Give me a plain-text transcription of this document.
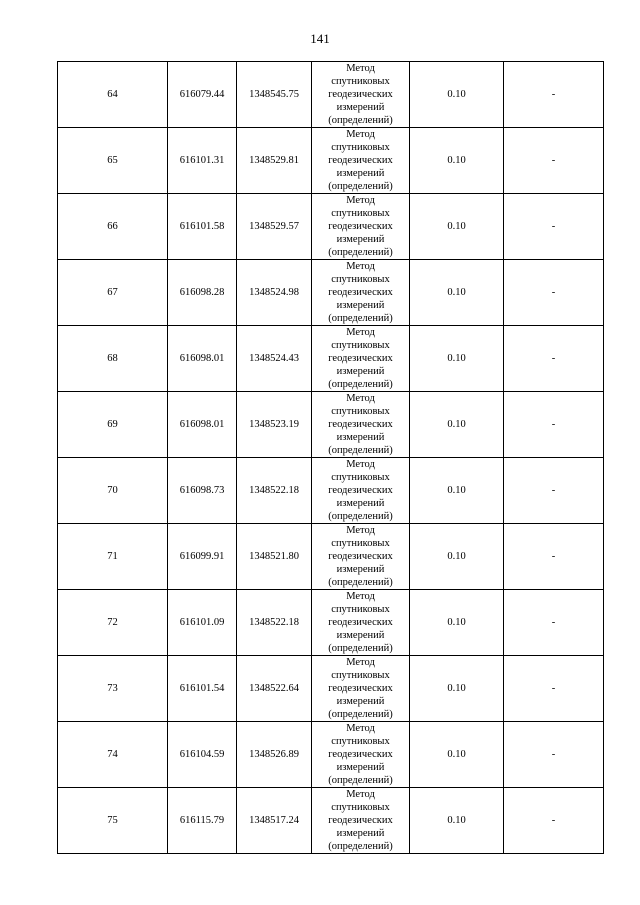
141
64	616079.44	1348545.75	Метод
спутниковых
геодезических
измерений
(определений)	0.10	-
65	616101.31	1348529.81	Метод
спутниковых
геодезических
измерений
(определений)	0.10	-
66	616101.58	1348529.57	Метод
спутниковых
геодезических
измерений
(определений)	0.10	-
67	616098.28	1348524.98	Метод
спутниковых
геодезических
измерений
(определений)	0.10	-
68	616098.01	1348524.43	Метод
спутниковых
геодезических
измерений
(определений)	0.10	-
69	616098.01	1348523.19	Метод
спутниковых
геодезических
измерений
(определений)	0.10	-
70	616098.73	1348522.18	Метод
спутниковых
геодезических
измерений
(определений)	0.10	-
71	616099.91	1348521.80	Метод
спутниковых
геодезических
измерений
(определений)	0.10	-
72	616101.09	1348522.18	Метод
спутниковых
геодезических
измерений
(определений)	0.10	-
73	616101.54	1348522.64	Метод
спутниковых
геодезических
измерений
(определений)	0.10	-
74	616104.59	1348526.89	Метод
спутниковых
геодезических
измерений
(определений)	0.10	-
75	616115.79	1348517.24	Метод
спутниковых
геодезических
измерений
(определений)	0.10	-
